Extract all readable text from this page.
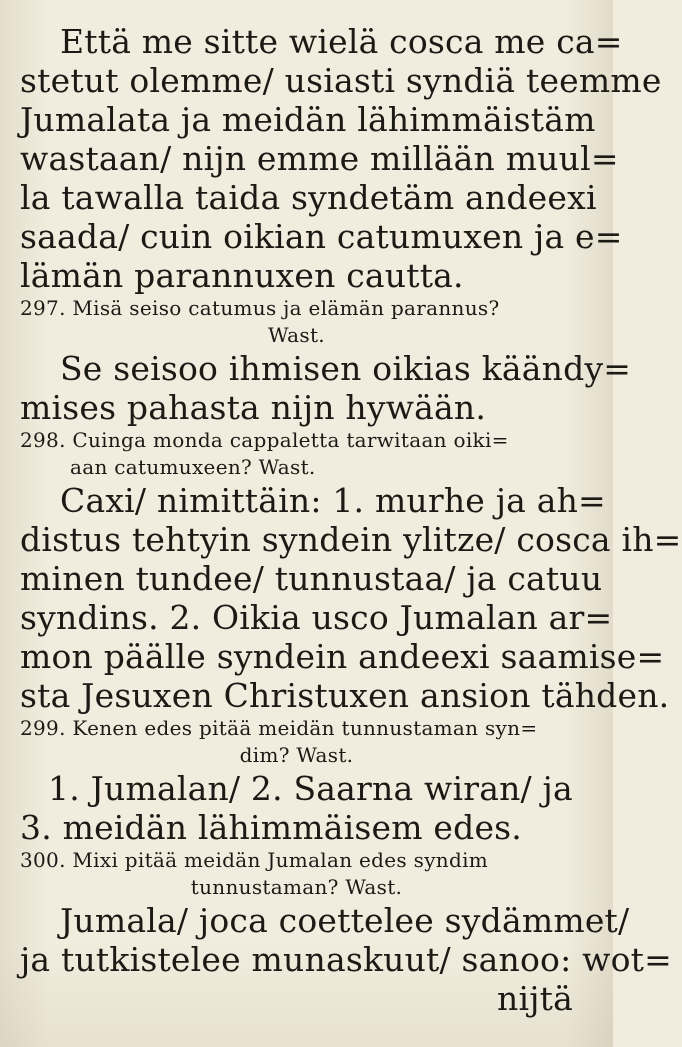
Että me sitte wielä cosca me ca=
stetut olemme/ usiasti syndiä teemme
Jumalata ja meidän lähimmäistäm
wastaan/ nijn emme millään muul=
la tawalla taida syndetäm andeexi
saada/ cuin oikian catumuxen ja e=
lämän parannuxen cautta.
297. Misä seiso catumus ja elämän parannus?
Wast.
Se seisoo ihmisen oikias käändy=
mises pahasta nijn hywään.
298. Cuinga monda cappaletta tarwitaan oiki=
aan catumuxeen? Wast.
Caxi/ nimittäin: 1. murhe ja ah=
distus tehtyin syndein ylitze/ cosca ih=
minen tundee/ tunnustaa/ ja catuu
syndins. 2. Oikia usco Jumalan ar=
mon päälle syndein andeexi saamise=
sta Jesuxen Christuxen ansion tähden.
299. Kenen edes pitää meidän tunnustaman syn=
dim? Wast.
1. Jumalan/ 2. Saarna wiran/ ja
3. meidän lähimmäisem edes.
300. Mixi pitää meidän Jumalan edes syndim
tunnustaman? Wast.
Jumala/ joca coettelee sydämmet/
ja tutkistelee munaskuut/ sanoo: wot=
nijtä
